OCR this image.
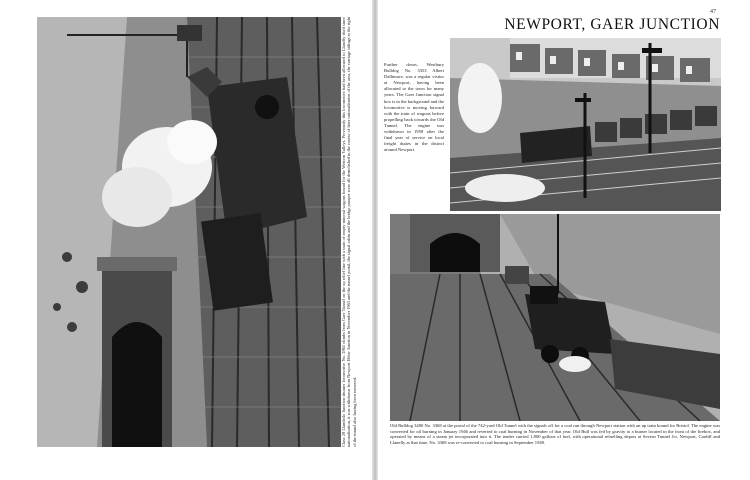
Class 28 Llandeilo Junction shunter locomotive No. 2865 climbs from Gaer Tunnel on the up relief line with a train of empty mineral wagons bound for the Western Valleys. Previously this locomotive had been allocated to Llanelly shed since nationalisation, it was withdrawn from Newport Ebbw Junction in November 1963 and the tunnel portal, the signal cabin and the bridge parapet were all demolished in the course of later rationalisation of the area, the carriage sidings to the right of the tunnel also having been removed.
47
NEWPORT, GAER JUNCTION
Further down, Westbury Bulldog No. 3353 Albert Dallimore, was a regular visitor at Newport, having been allocated to the town for many years. The Gaer Junction signal box is in the background and the locomotive is moving forward with the train of wagons before propelling back towards the Old Tunnel. The engine was withdrawn in 1958 after the final year of service on local freight duties in the district around Newport.
Old Bulldog 3400 No. 3368 at the portal of the 742-yard Old Tunnel with the signals off for a coal run through Newport station with an up train bound for Bristol. The engine was converted for oil burning in January 1946 and reverted to coal burning in November of that year. Old Bull was fed by gravity to a burner located in the front of the firebox, and operated by means of a steam jet incorporated into it. The tender carried 1,800 gallons of fuel, with operational refuelling depots at Severn Tunnel Jct, Newport, Cardiff and Llanelly at that time. No. 3368 was re-converted to coal burning in September 1948.
